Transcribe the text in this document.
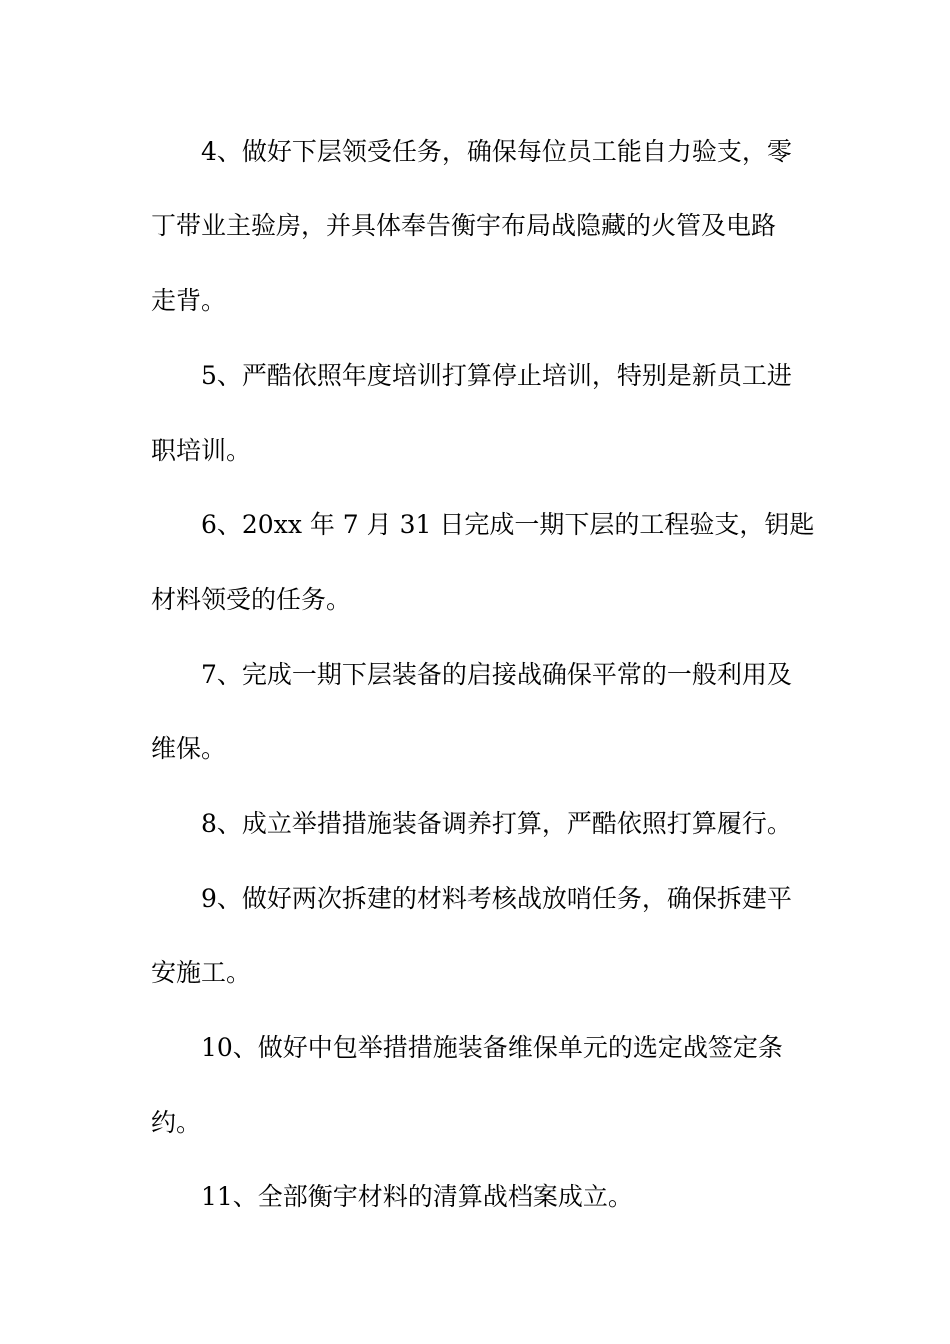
4、做好下层领受任务，确保每位员工能自力验支，零
丁带业主验房，并具体奉告衡宇布局战隐藏的火管及电路
走背。
5、严酷依照年度培训打算停止培训，特别是新员工进
职培训。
6、20xx 年 7 月 31 日完成一期下层的工程验支，钥匙
材料领受的任务。
7、完成一期下层装备的启接战确保平常的一般利用及
维保。
8、成立举措措施装备调养打算，严酷依照打算履行。
9、做好两次拆建的材料考核战放哨任务，确保拆建平
安施工。
10、做好中包举措措施装备维保单元的选定战签定条
约。
11、全部衡宇材料的清算战档案成立。
